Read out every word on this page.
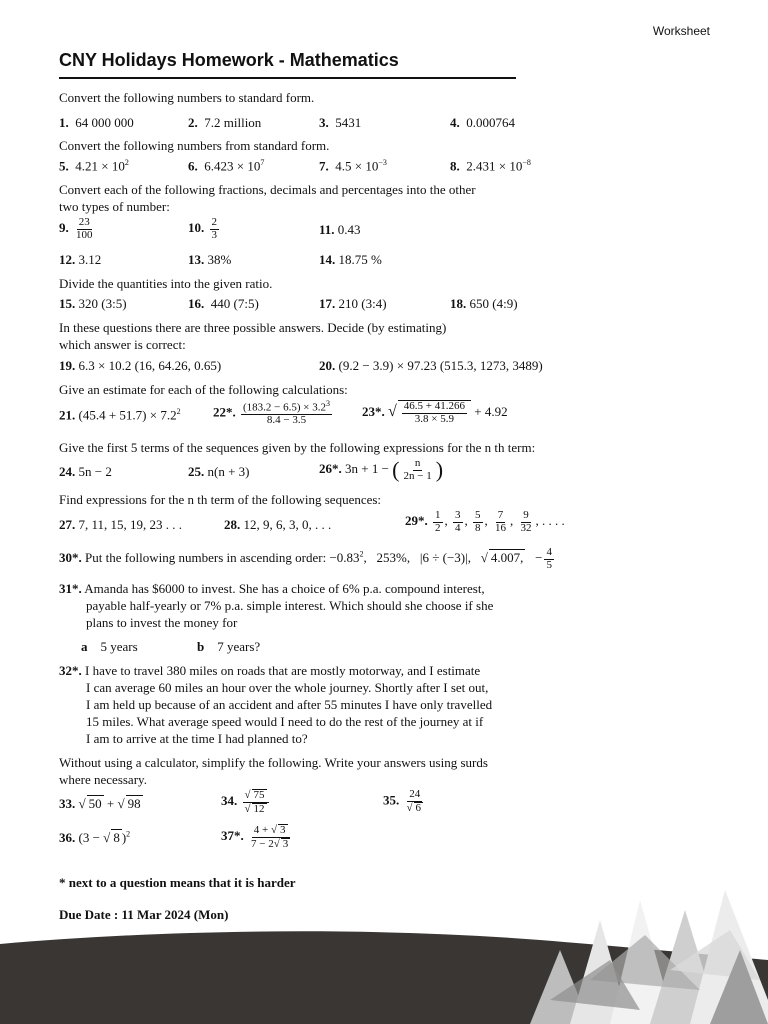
Worksheet
CNY Holidays Homework - Mathematics
Convert the following numbers to standard form.
1. 64 000 000	2. 7.2 million	3. 5431	4. 0.000764
Convert the following numbers from standard form.
5. $4.21 \times 10^2$	6. $6.423 \times 10^7$	7. $4.5 \times 10^{-3}$	8. $2.431 \times 10^{-8}$
Convert each of the following fractions, decimals and percentages into the other
two types of number:
9. $\frac{23}{100}$	10. $\frac{2}{3}$	11. 0.43
12. 3.12	13. 38%	14. 18.75 %
Divide the quantities into the given ratio.
15. 320 (3:5)	16. 440 (7:5)	17. 210 (3:4)	18. 650 (4:9)
In these questions there are three possible answers. Decide (by estimating)
which answer is correct:
19. 6.3 × 10.2 (16, 64.26, 0.65)	20. (9.2 − 3.9) × 97.23 (515.3, 1273, 3489)
Give an estimate for each of the following calculations:
21. $(45.4 + 51.7) \times 7.2^2$ 22*. $\frac{(183.2 - 6.5) \times 3.2^3}{8.4 - 3.5} 23*$. √ $\frac{46.5 + 41.266}{3.8 \times 5.9} + 4.92$
Give the first 5 terms of the sequences given by the following expressions for the n th term:
24. 5n − 2	25. n(n + 3)	26*. 3n + 1 − ( $\frac{n}{2n - 1}$ )
Find expressions for the n th term of the following sequences:
27. 7, 11, 15, 19, 23 . . .	28. 12, 9, 6, 3, 0, . . .	29*. $\frac{1}{2}$ , $\frac{3}{4}$ , $\frac{5}{8}$ , $\frac{7}{16}$ , $\frac{9}{32}$ , . . . .
30*. Put the following numbers in ascending order: $-0.83^2$,   253%, |6 ÷ (−3)|,   √ 4.007,   − $\frac{4}{5}$
31*. Amanda has $6000 to invest. She has a choice of 6% p.a. compound interest,
payable half-yearly or 7% p.a. simple interest. Which should she choose if she
plans to invest the money for
a 5 years	b 7 years?
32*. I have to travel 380 miles on roads that are mostly motorway, and I estimate
I can average 60 miles an hour over the whole journey. Shortly after I set out,
I am held up because of an accident and after 55 minutes I have only travelled
15 miles. What average speed would I need to do the rest of the journey at if
I am to arrive at the time I had planned to?
Without using a calculator, simplify the following. Write your answers using surds
where necessary.
33. √ 50 + √ 98	34. $\frac{√ 75}{√ 12}$	35. $\frac{24}{√ 6}$
36. (3 − √ 8 )$^2$	37*. $\frac{4 + √ 3}{7 - 2√ 3}$
* next to a question means that it is harder
Due Date : 11 Mar 2024 (Mon)
